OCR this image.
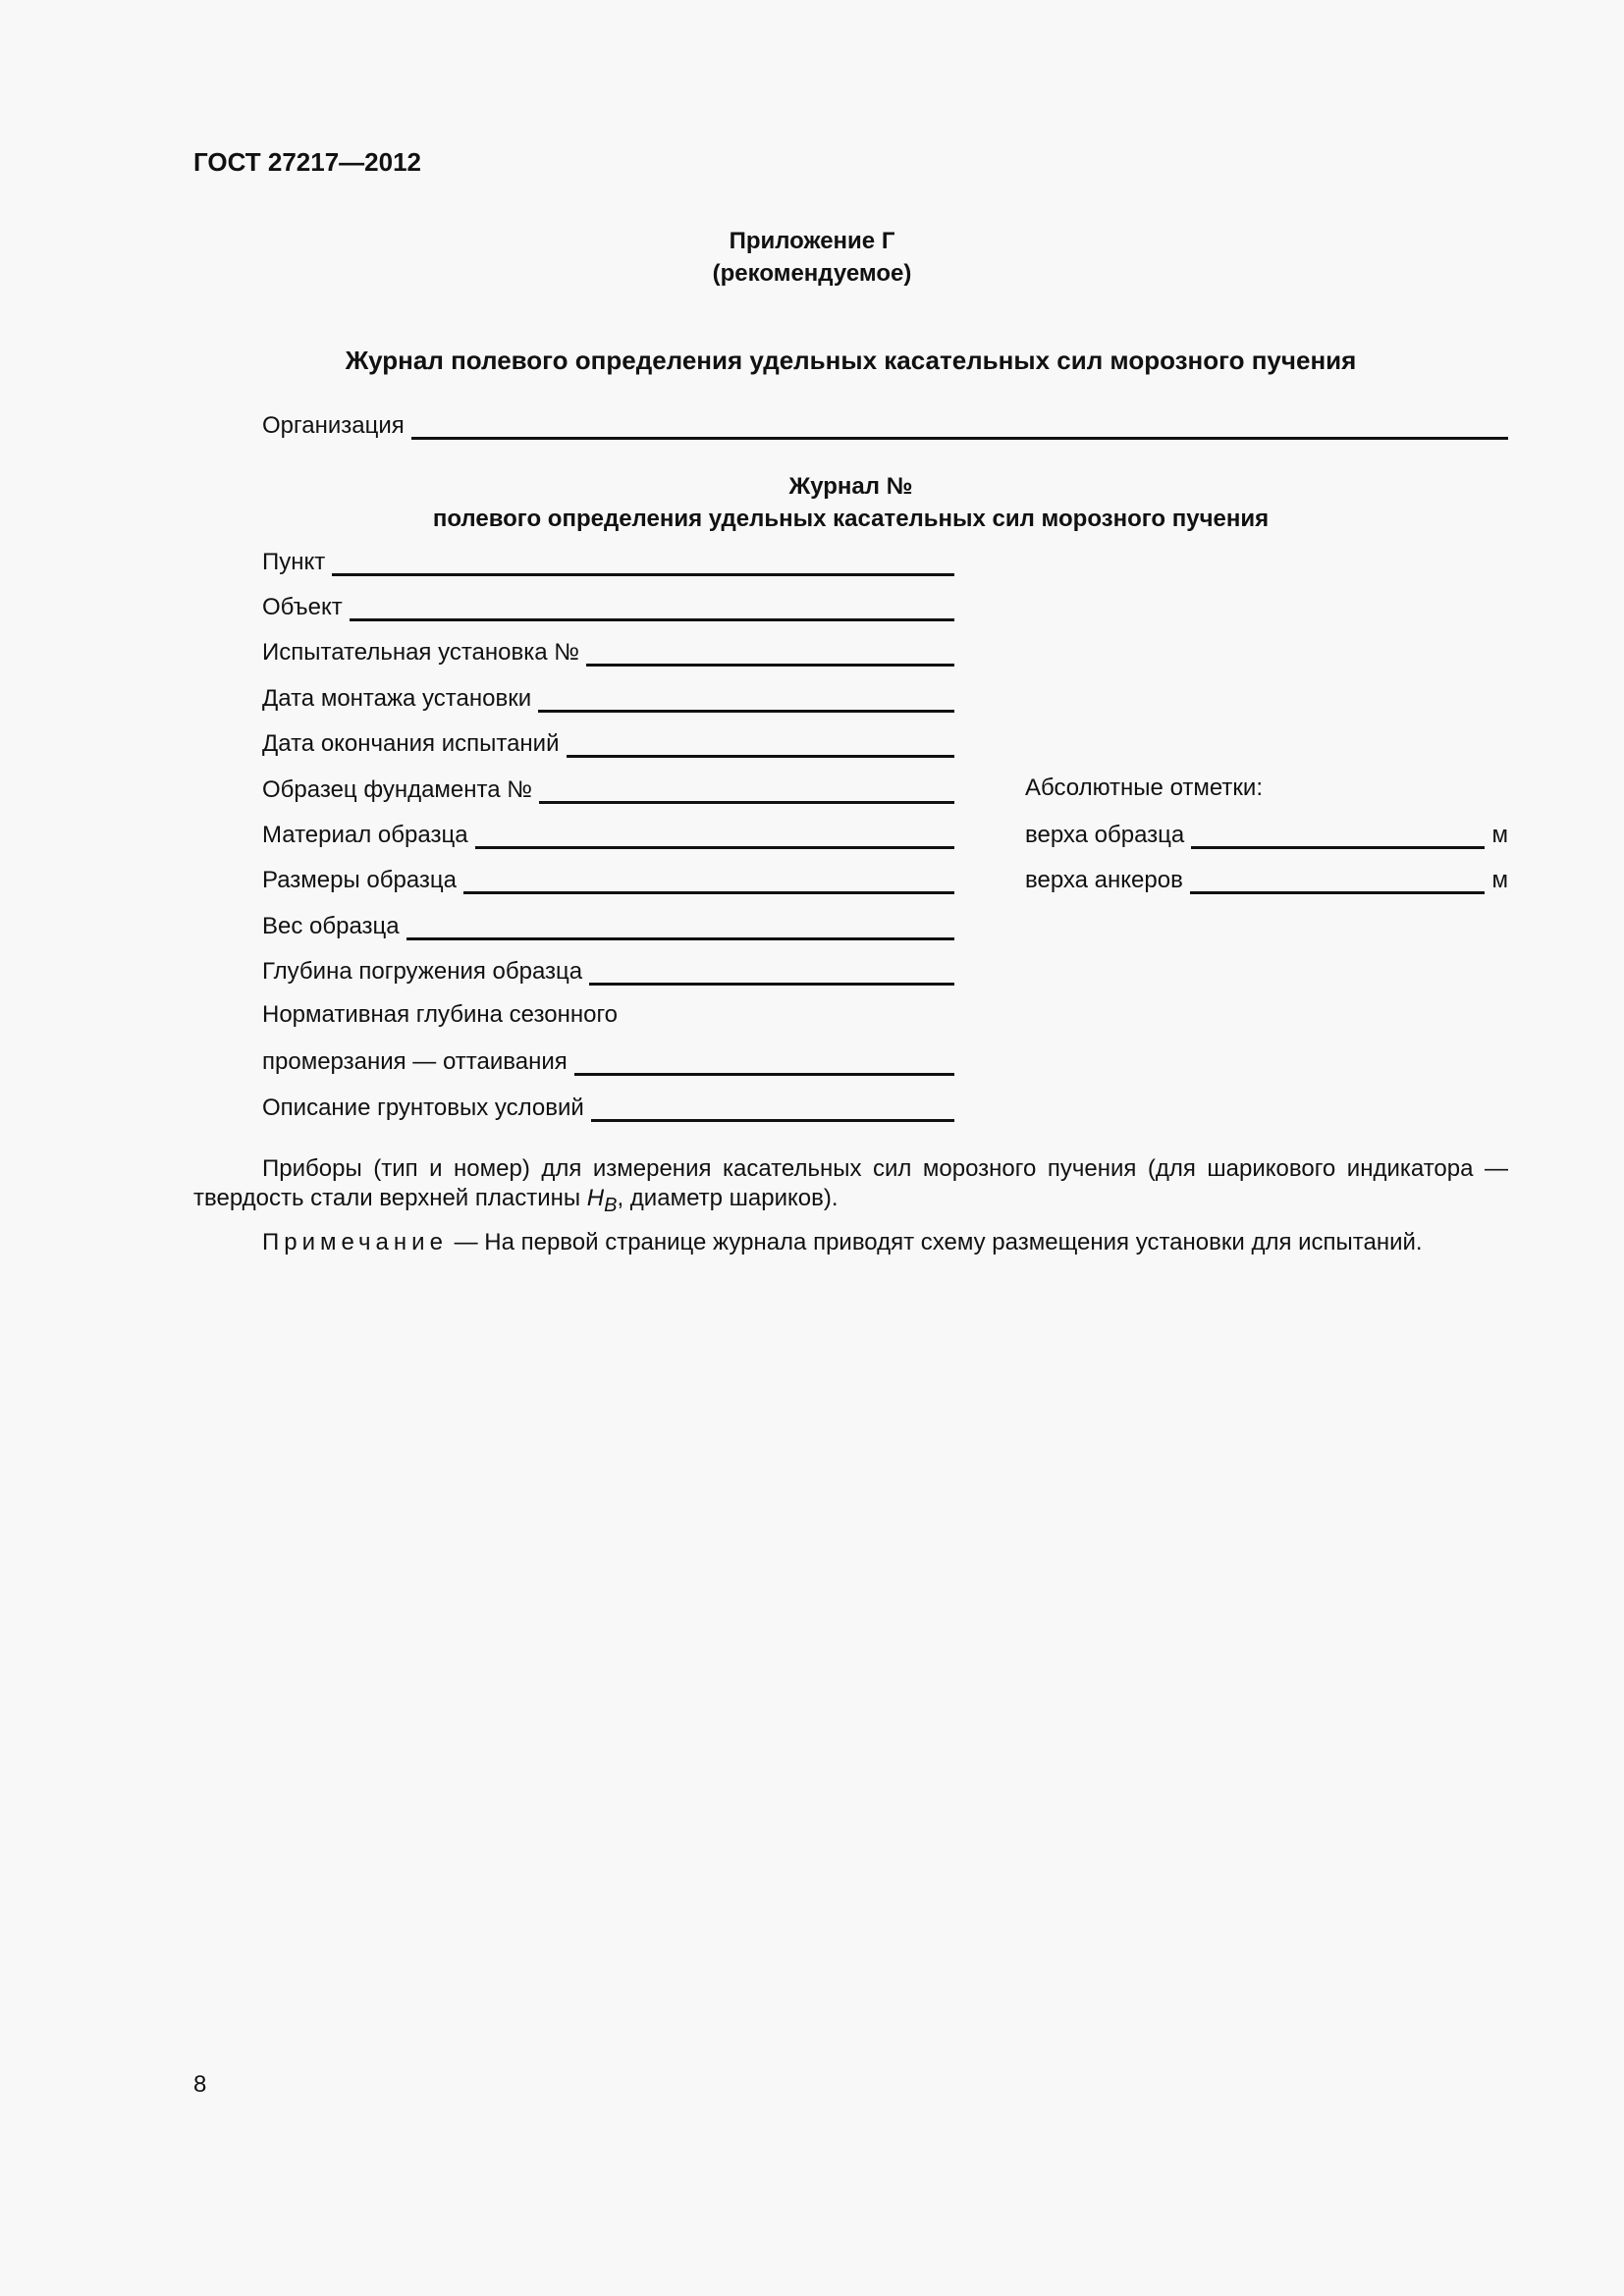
ГОСТ 27217—2012
Приложение Г
(рекомендуемое)
Журнал полевого определения удельных касательных сил морозного пучения
Организация
Журнал №
полевого определения удельных касательных сил морозного пучения
Пункт
Объект
Испытательная установка №
Дата монтажа установки
Дата окончания испытаний
Образец фундамента №
Материал образца
Размеры образца
Вес образца
Глубина погружения образца
Нормативная глубина сезонного
промерзания — оттаивания
Описание грунтовых условий
Абсолютные отметки:
верха образца	м
верха анкеров	м

Приборы (тип и номер) для измерения касательных сил морозного пучения (для шарикового индикатора — твердость стали верхней пластины $H_B$, диаметр шариков).

Примечание — На первой странице журнала приводят схему размещения установки для испытаний.

8
